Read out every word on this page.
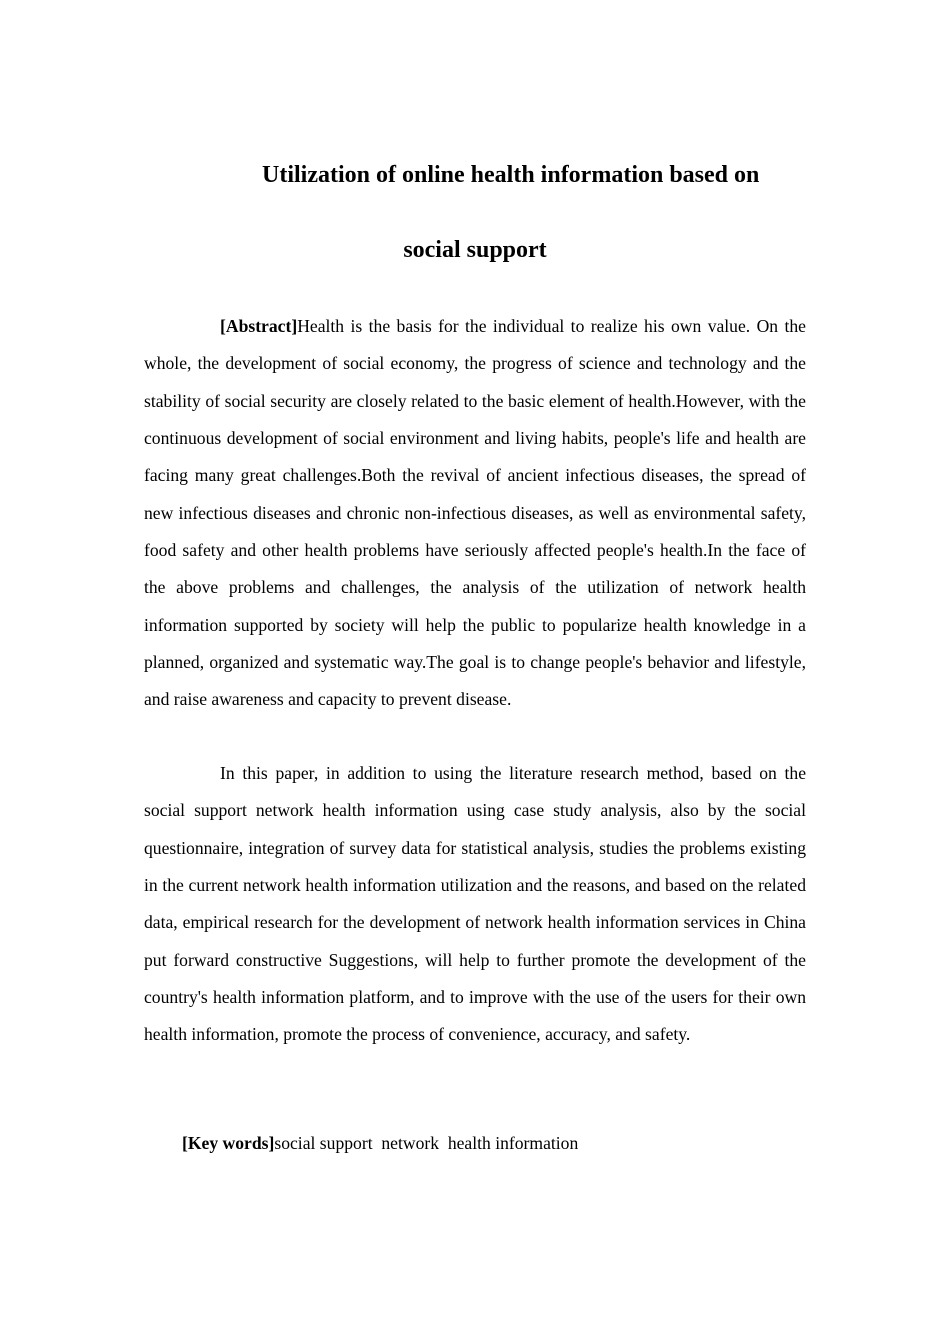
Utilization of online health information based on
social support

[Abstract]Health is the basis for the individual to realize his own value. On the whole, the development of social economy, the progress of science and technology and the stability of social security are closely related to the basic element of health.However, with the continuous development of social environment and living habits, people's life and health are facing many great challenges.Both the revival of ancient infectious diseases, the spread of new infectious diseases and chronic non-infectious diseases, as well as environmental safety, food safety and other health problems have seriously affected people's health.In the face of the above problems and challenges, the analysis of the utilization of network health information supported by society will help the public to popularize health knowledge in a planned, organized and systematic way.The goal is to change people's behavior and lifestyle, and raise awareness and capacity to prevent disease.

In this paper, in addition to using the literature research method, based on the social support network health information using case study analysis, also by the social questionnaire, integration of survey data for statistical analysis, studies the problems existing in the current network health information utilization and the reasons, and based on the related data, empirical research for the development of network health information services in China put forward constructive Suggestions, will help to further promote the development of the country's health information platform, and to improve with the use of the users for their own health information, promote the process of convenience, accuracy, and safety.

[Key words]social support  network  health information
